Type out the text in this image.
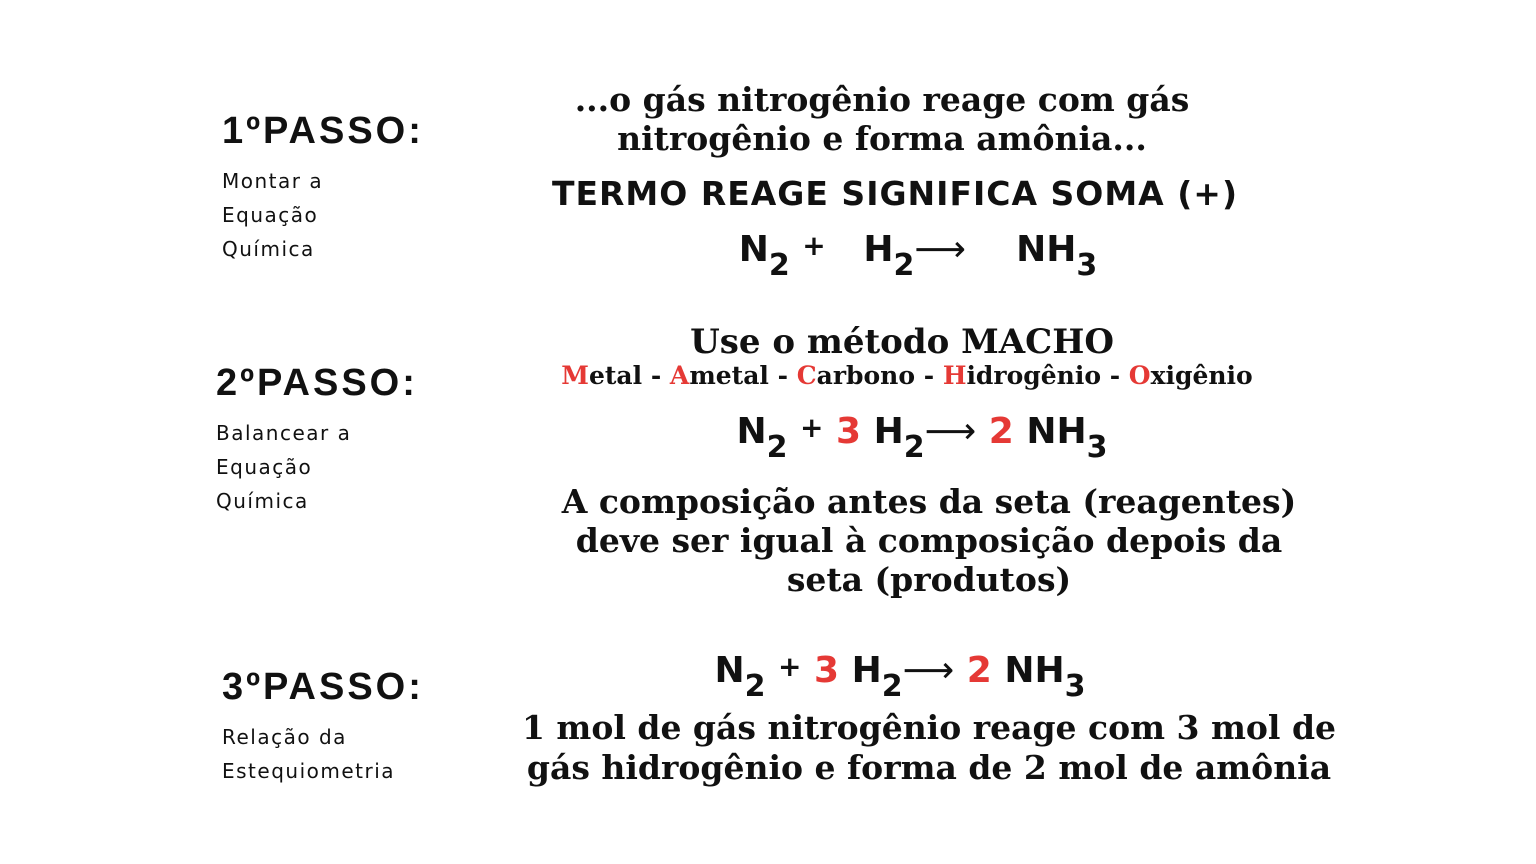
1ºPASSO:
Montar a
Equação
Química
...o gás nitrogênio reage com gás
nitrogênio e forma amônia...
TERMO REAGE SIGNIFICA SOMA (+)
$N_2$ + $H_2⟶$ $NH_3$
2ºPASSO:
Balancear a
Equação
Química
Use o método MACHO
Metal - Ametal - Carbono - Hidrogênio - Oxigênio
$N_2 + 3$ $H_2⟶$ 2 $NH_3$
A composição antes da seta (reagentes)
deve ser igual à composição depois da
seta (produtos)
3ºPASSO:
Relação da
Estequiometria
$N_2 + 3$ $H_2⟶$ 2 $NH_3$
1 mol de gás nitrogênio reage com 3 mol de
gás hidrogênio e forma de 2 mol de amônia
